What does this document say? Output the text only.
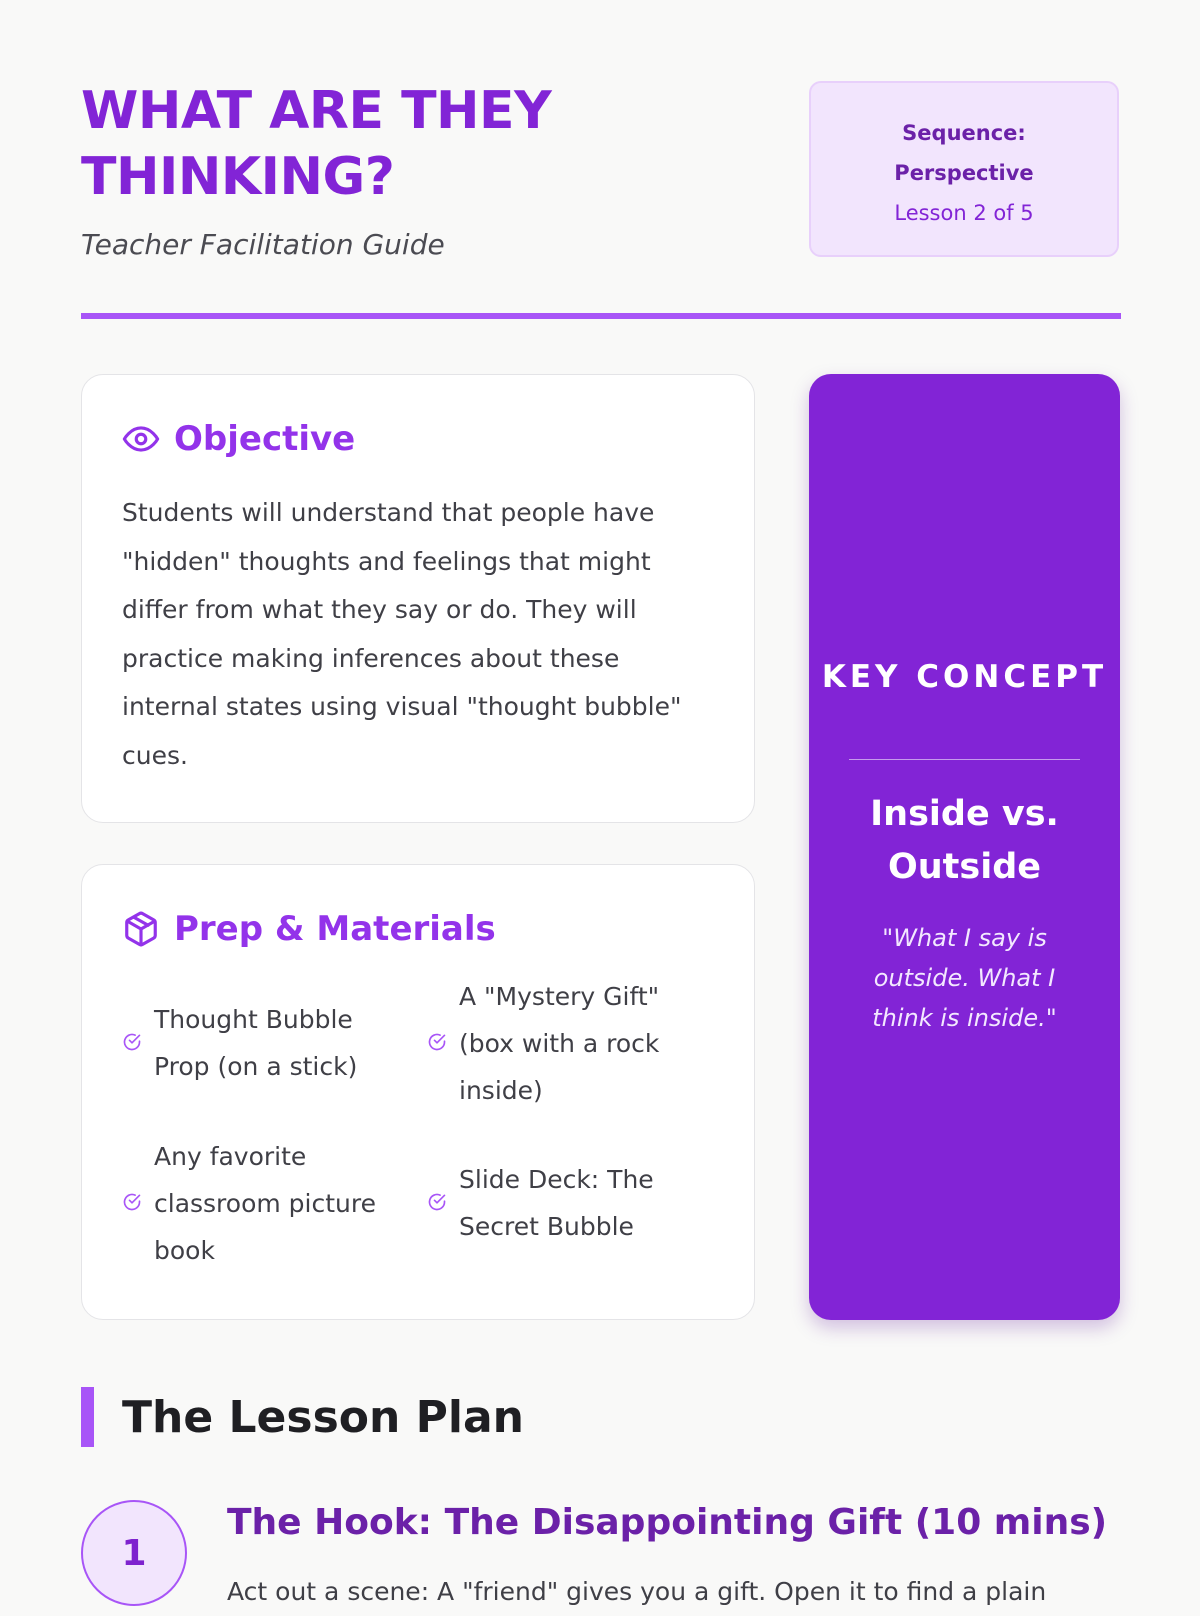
WHAT ARE THEY THINKING?
Teacher Facilitation Guide
Sequence:
Perspective
Lesson 2 of 5
Objective

Students will understand that people have "hidden" thoughts and feelings that might differ from what they say or do. They will practice making inferences about these internal states using visual "thought bubble" cues.

Prep & Materials
Thought Bubble Prop (on a stick)
A "Mystery Gift" (box with a rock inside)
Any favorite classroom picture book
Slide Deck: The Secret Bubble
KEY CONCEPT
Inside vs. Outside
"What I say is outside. What I think is inside."
The Lesson Plan
1
The Hook: The Disappointing Gift (10 mins)
Act out a scene: A "friend" gives you a gift. Open it to find a plain
